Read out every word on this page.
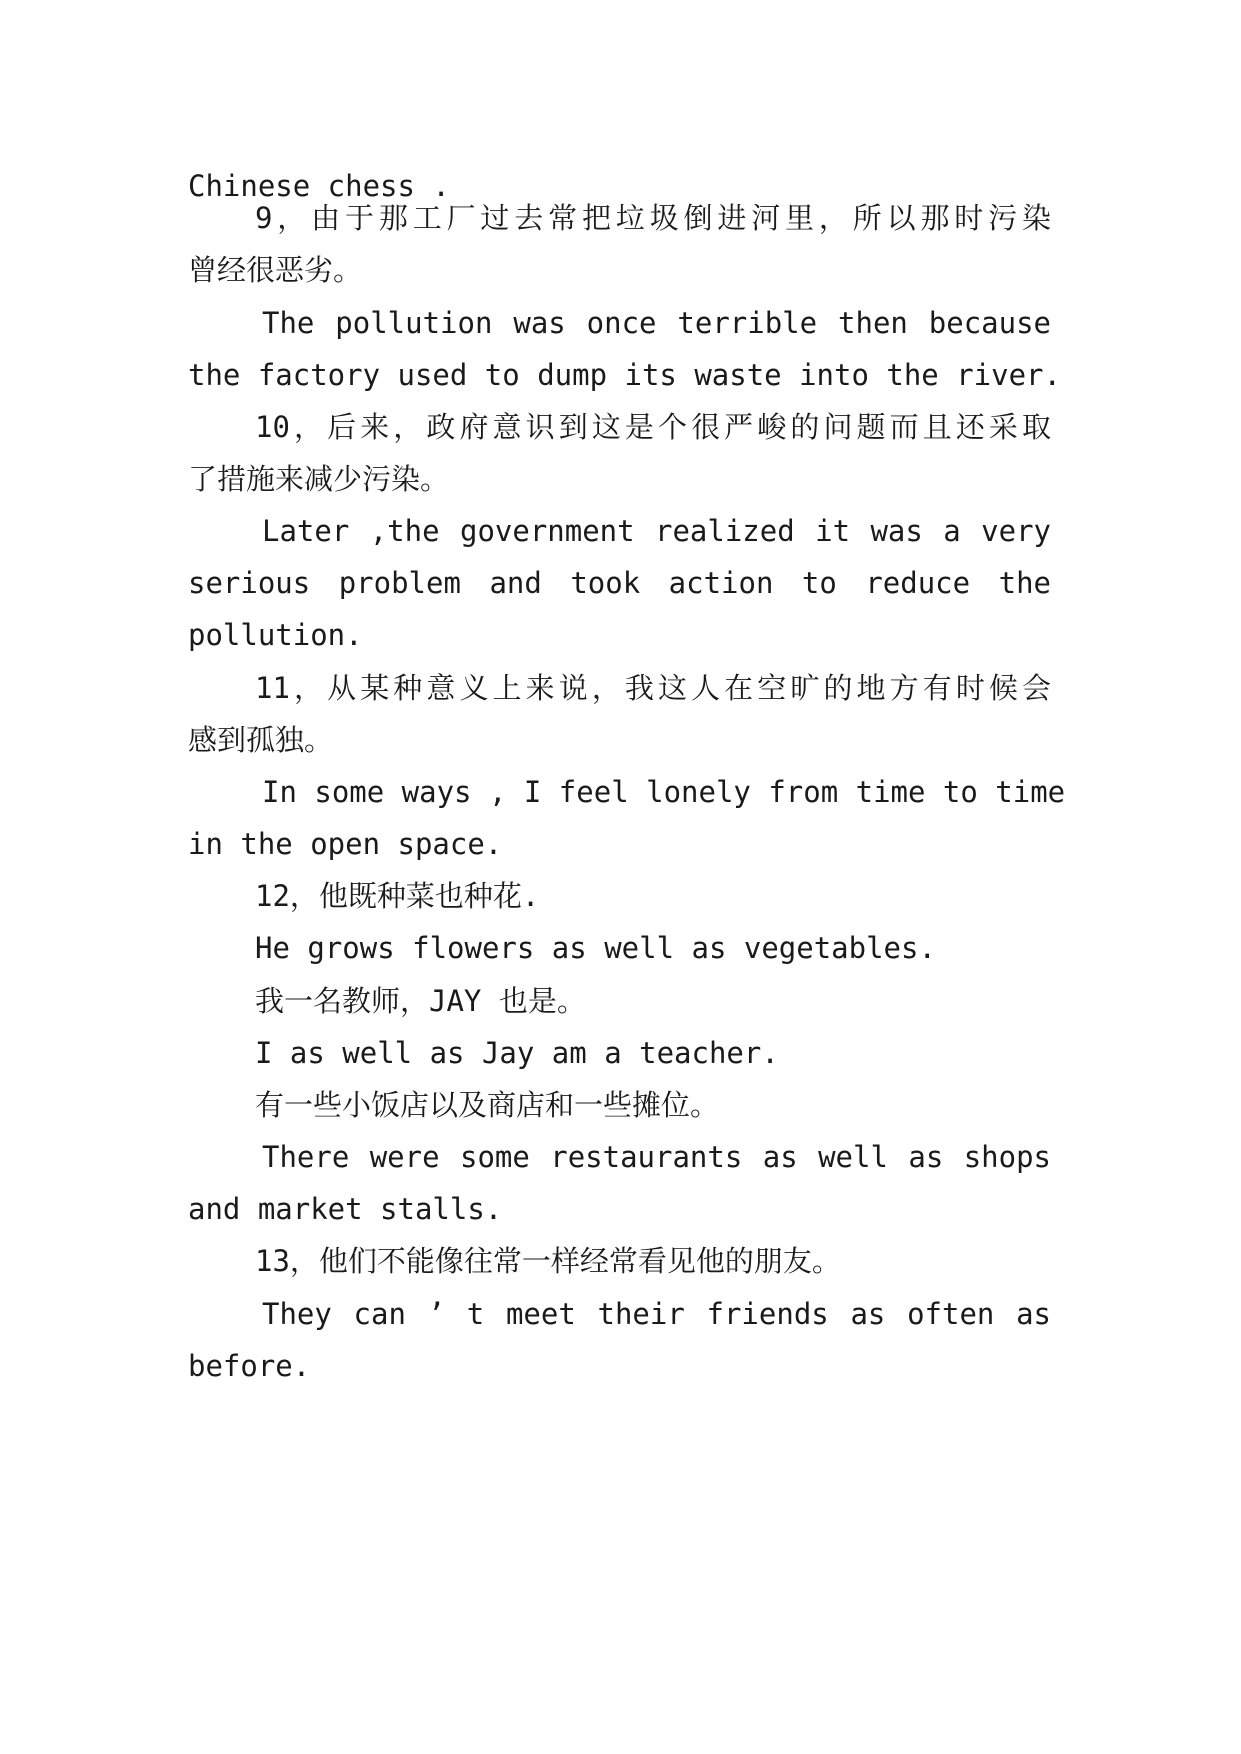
Chinese chess .
9，由于那工厂过去常把垃圾倒进河里，所以那时污染
曾经很恶劣。
The pollution was once terrible then because
the factory used to dump its waste into the river.
10，后来，政府意识到这是个很严峻的问题而且还采取
了措施来减少污染。
Later ,the government realized it was a very
serious problem and took action to reduce the
pollution.
11，从某种意义上来说，我这人在空旷的地方有时候会
感到孤独。
In some ways , I feel lonely from time to time
in the open space.
12，他既种菜也种花.
He grows flowers as well as vegetables.
我一名教师，JAY 也是。
I as well as Jay am a teacher.
有一些小饭店以及商店和一些摊位。
There were some restaurants as well as shops
and market stalls.
13，他们不能像往常一样经常看见他的朋友。
They can ’ t meet their friends as often as
before.
